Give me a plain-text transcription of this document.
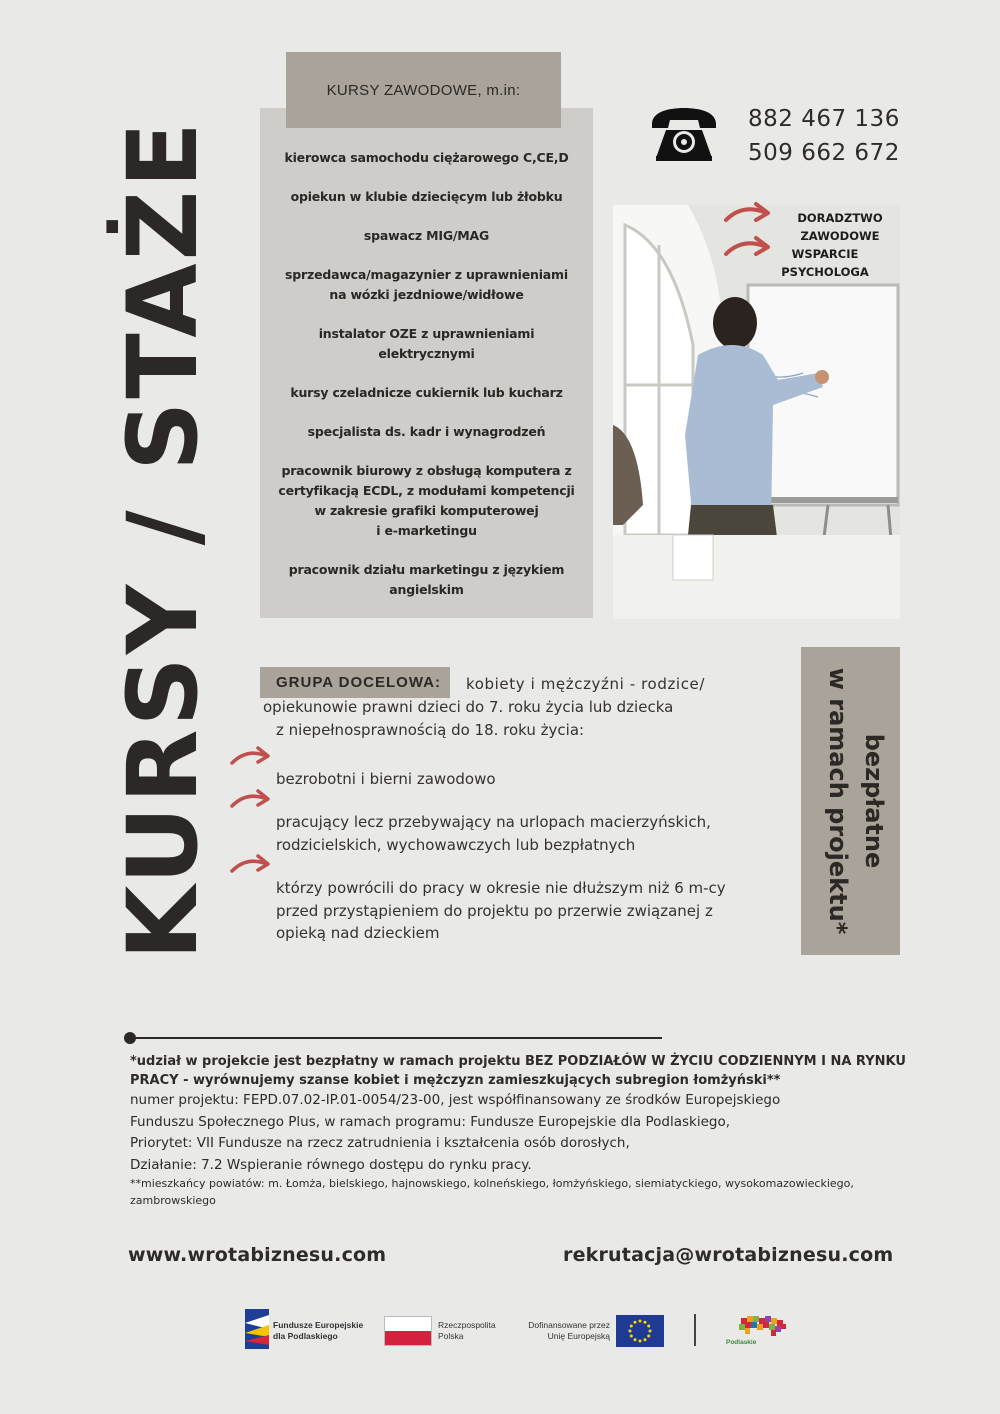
KURSY / STAŻE	kierowca samochodu ciężarowego C,CE,D
opiekun w klubie dziecięcym lub żłobku
spawacz MIG/MAG
sprzedawca/magazynier z uprawnieniami
na wózki jezdniowe/widłowe
instalator OZE z uprawnieniami
elektrycznymi
kursy czeladnicze cukiernik lub kucharz
specjalista ds. kadr i wynagrodzeń
pracownik biurowy z obsługą komputera z
certyfikacją ECDL, z modułami kompetencji
w zakresie grafiki komputerowej
i e-marketingu
pracownik działu marketingu z językiem
angielskim
KURSY ZAWODOWE, m.in:
882 467 136
509 662 672
DORADZTWO
ZAWODOWE
WSPARCIE
PSYCHOLOGA
GRUPA DOCELOWA:	kobiety i mężczyźni - rodzice/
opiekunowie prawni dzieci do 7. roku życia lub dziecka
z niepełnosprawnością do 18. roku życia:
bezrobotni i bierni zawodowo
pracujący lecz przebywający na urlopach macierzyńskich,
rodzicielskich, wychowawczych lub bezpłatnych
którzy powrócili do pracy w okresie nie dłuższym niż 6 m-cy
przed przystąpieniem do projektu po przerwie związanej z
opieką nad dzieckiem
bezpłatne
w ramach projektu*
*udział w projekcie jest bezpłatny w ramach projektu BEZ PODZIAŁÓW W ŻYCIU CODZIENNYM I NA RYNKU PRACY - wyrównujemy szanse kobiet i mężczyzn zamieszkujących subregion łomżyński**
numer projektu: FEPD.07.02-IP.01-0054/23-00, jest współfinansowany ze środków Europejskiego
Funduszu Społecznego Plus, w ramach programu: Fundusze Europejskie dla Podlaskiego,
Priorytet: VII Fundusze na rzecz zatrudnienia i kształcenia osób dorosłych,
Działanie: 7.2 Wspieranie równego dostępu do rynku pracy.
**mieszkańcy powiatów: m. Łomża, bielskiego, hajnowskiego, kolneńskiego, łomżyńskiego, siemiatyckiego, wysokomazowieckiego, zambrowskiego
www.wrotabiznesu.com	rekrutacja@wrotabiznesu.com
Fundusze Europejskie
dla Podlaskiego
Rzeczpospolita
Polska
Dofinansowane przez
Unię Europejską
Podlaskie
